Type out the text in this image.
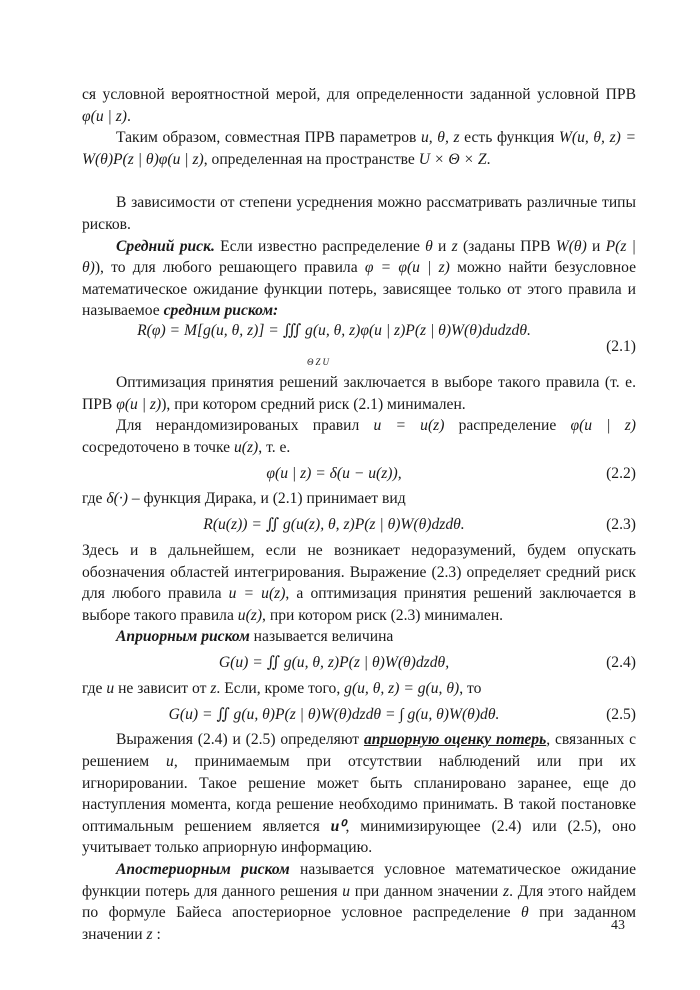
ся условной вероятностной мерой, для определенности заданной условной ПРВ φ(u | z).

Таким образом, совместная ПРВ параметров u, θ, z есть функция W(u, θ, z) = W(θ)P(z | θ)φ(u | z), определенная на пространстве U × Θ × Z.

В зависимости от степени усреднения можно рассматривать различные типы рисков.

Средний риск. Если известно распределение θ и z (заданы ПРВ W(θ) и P(z | θ)), то для любого решающего правила φ = φ(u | z) можно найти безусловное математическое ожидание функции потерь, зависящее только от этого правила и называемое средним риском:

R(φ) = M[g(u, θ, z)] = ∭ g(u, θ, z)φ(u | z)P(z | θ)W(θ)dudzdθ.
$_{\Theta ZU}$
(2.1)

Оптимизация принятия решений заключается в выборе такого правила (т. е. ПРВ φ(u | z)), при котором средний риск (2.1) минимален.

Для нерандомизированых правил u = u(z) распределение φ(u | z) сосредоточено в точке u(z), т. е.

φ(u | z) = δ(u − u(z)),	(2.2)

где δ(·) – функция Дирака, и (2.1) принимает вид

R(u(z)) = ∬ g(u(z), θ, z)P(z | θ)W(θ)dzdθ.	(2.3)

Здесь и в дальнейшем, если не возникает недоразумений, будем опускать обозначения областей интегрирования. Выражение (2.3) определяет средний риск для любого правила u = u(z), а оптимизация принятия решений заключается в выборе такого правила u(z), при котором риск (2.3) минимален.

Априорным риском называется величина

G(u) = ∬ g(u, θ, z)P(z | θ)W(θ)dzdθ,	(2.4)

где u не зависит от z. Если, кроме того, g(u, θ, z) = g(u, θ), то

G(u) = ∬ g(u, θ)P(z | θ)W(θ)dzdθ = ∫ g(u, θ)W(θ)dθ.	(2.5)

Выражения (2.4) и (2.5) определяют априорную оценку потерь, связанных с решением u, принимаемым при отсутствии наблюдений или при их игнорировании. Такое решение может быть спланировано заранее, еще до наступления момента, когда решение необходимо принимать. В такой постановке оптимальным решением является u⁰, минимизирующее (2.4) или (2.5), оно учитывает только априорную информацию.

Апостериорным риском называется условное математическое ожидание функции потерь для данного решения u при данном значении z. Для этого найдем по формуле Байеса апостериорное условное распределение θ при заданном значении z :

43
